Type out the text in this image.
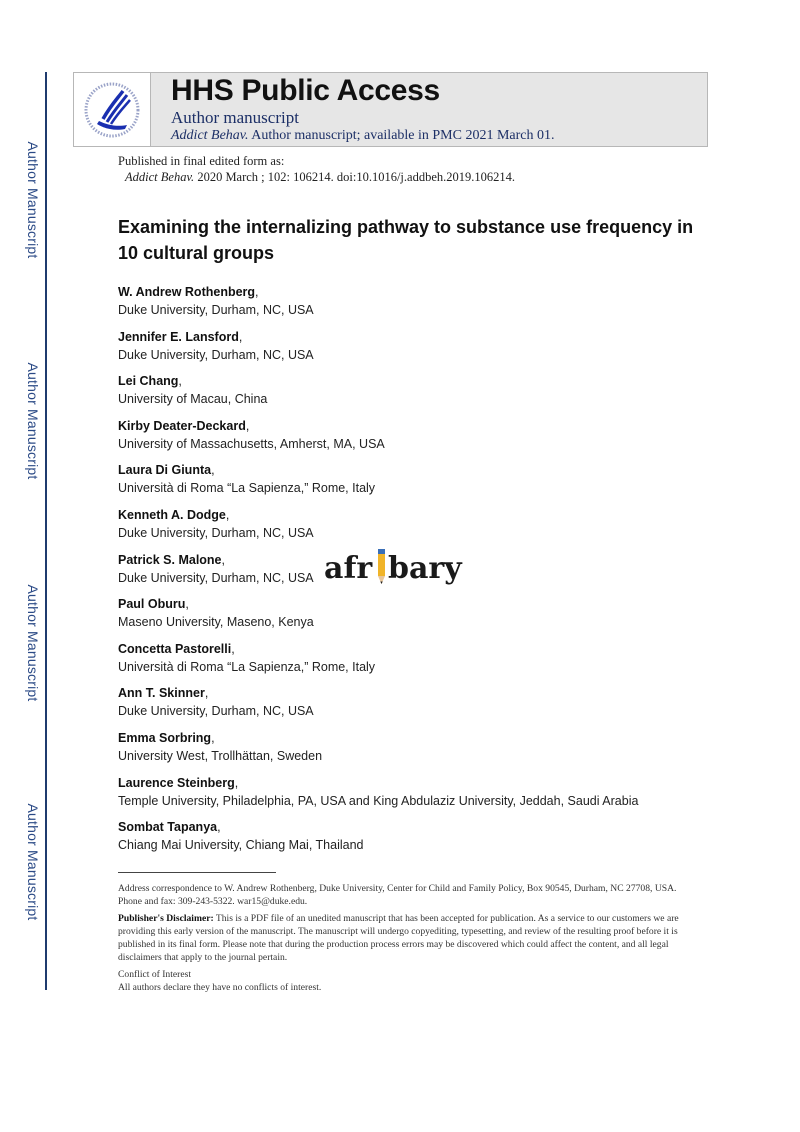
Author Manuscript
Author Manuscript
Author Manuscript
Author Manuscript
HHS Public Access
Author manuscript
Addict Behav. Author manuscript; available in PMC 2021 March 01.
Published in final edited form as:
Addict Behav. 2020 March ; 102: 106214. doi:10.1016/j.addbeh.2019.106214.
Examining the internalizing pathway to substance use frequency in 10 cultural groups
W. Andrew Rothenberg,
Duke University, Durham, NC, USA
Jennifer E. Lansford,
Duke University, Durham, NC, USA
Lei Chang,
University of Macau, China
Kirby Deater-Deckard,
University of Massachusetts, Amherst, MA, USA
Laura Di Giunta,
Università di Roma “La Sapienza,” Rome, Italy
Kenneth A. Dodge,
Duke University, Durham, NC, USA
Patrick S. Malone,
Duke University, Durham, NC, USA
Paul Oburu,
Maseno University, Maseno, Kenya
Concetta Pastorelli,
Università di Roma “La Sapienza,” Rome, Italy
Ann T. Skinner,
Duke University, Durham, NC, USA
Emma Sorbring,
University West, Trollhättan, Sweden
Laurence Steinberg,
Temple University, Philadelphia, PA, USA and King Abdulaziz University, Jeddah, Saudi Arabia
Sombat Tapanya,
Chiang Mai University, Chiang Mai, Thailand
afr bary

Address correspondence to W. Andrew Rothenberg, Duke University, Center for Child and Family Policy, Box 90545, Durham, NC 27708, USA. Phone and fax: 309-243-5322. war15@duke.edu.

Publisher's Disclaimer: This is a PDF file of an unedited manuscript that has been accepted for publication. As a service to our customers we are providing this early version of the manuscript. The manuscript will undergo copyediting, typesetting, and review of the resulting proof before it is published in its final form. Please note that during the production process errors may be discovered which could affect the content, and all legal disclaimers that apply to the journal pertain.

Conflict of Interest
All authors declare they have no conflicts of interest.
